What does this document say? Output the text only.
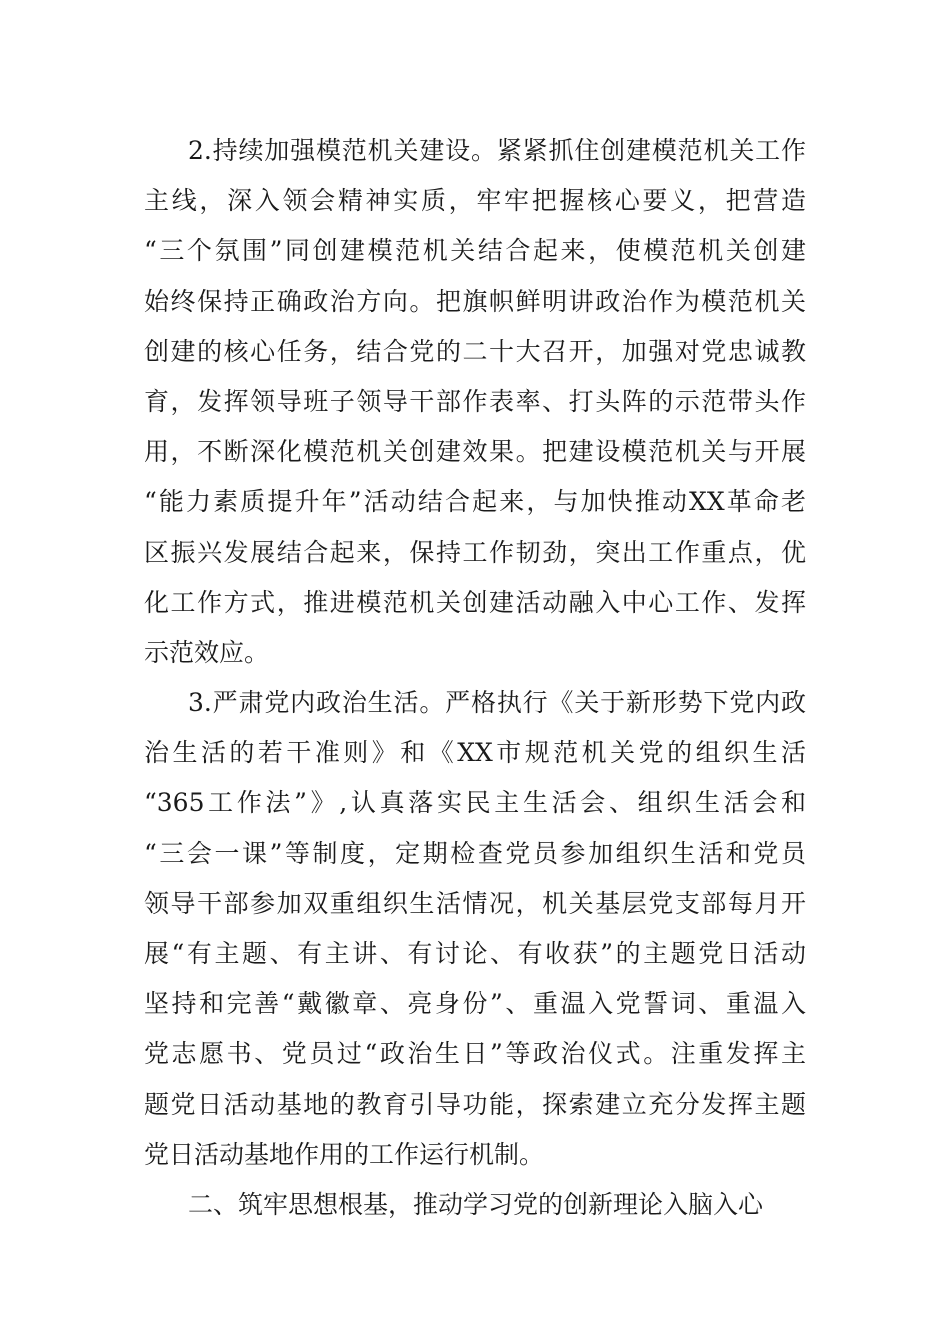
2.持续加强模范机关建设。紧紧抓住创建模范机关工作
主线，深入领会精神实质，牢牢把握核心要义，把营造
“三个氛围”同创建模范机关结合起来，使模范机关创建
始终保持正确政治方向。把旗帜鲜明讲政治作为模范机关
创建的核心任务，结合党的二十大召开，加强对党忠诚教
育，发挥领导班子领导干部作表率、打头阵的示范带头作
用，不断深化模范机关创建效果。把建设模范机关与开展
“能力素质提升年”活动结合起来，与加快推动XX革命老
区振兴发展结合起来，保持工作韧劲，突出工作重点，优
化工作方式，推进模范机关创建活动融入中心工作、发挥
示范效应。
3.严肃党内政治生活。严格执行《关于新形势下党内政
治生活的若干准则》和《XX市规范机关党的组织生活
“365工作法”》,认真落实民主生活会、组织生活会和
“三会一课”等制度，定期检查党员参加组织生活和党员
领导干部参加双重组织生活情况，机关基层党支部每月开
展“有主题、有主讲、有讨论、有收获”的主题党日活动
坚持和完善“戴徽章、亮身份”、重温入党誓词、重温入
党志愿书、党员过“政治生日”等政治仪式。注重发挥主
题党日活动基地的教育引导功能，探索建立充分发挥主题
党日活动基地作用的工作运行机制。
二、筑牢思想根基，推动学习党的创新理论入脑入心
